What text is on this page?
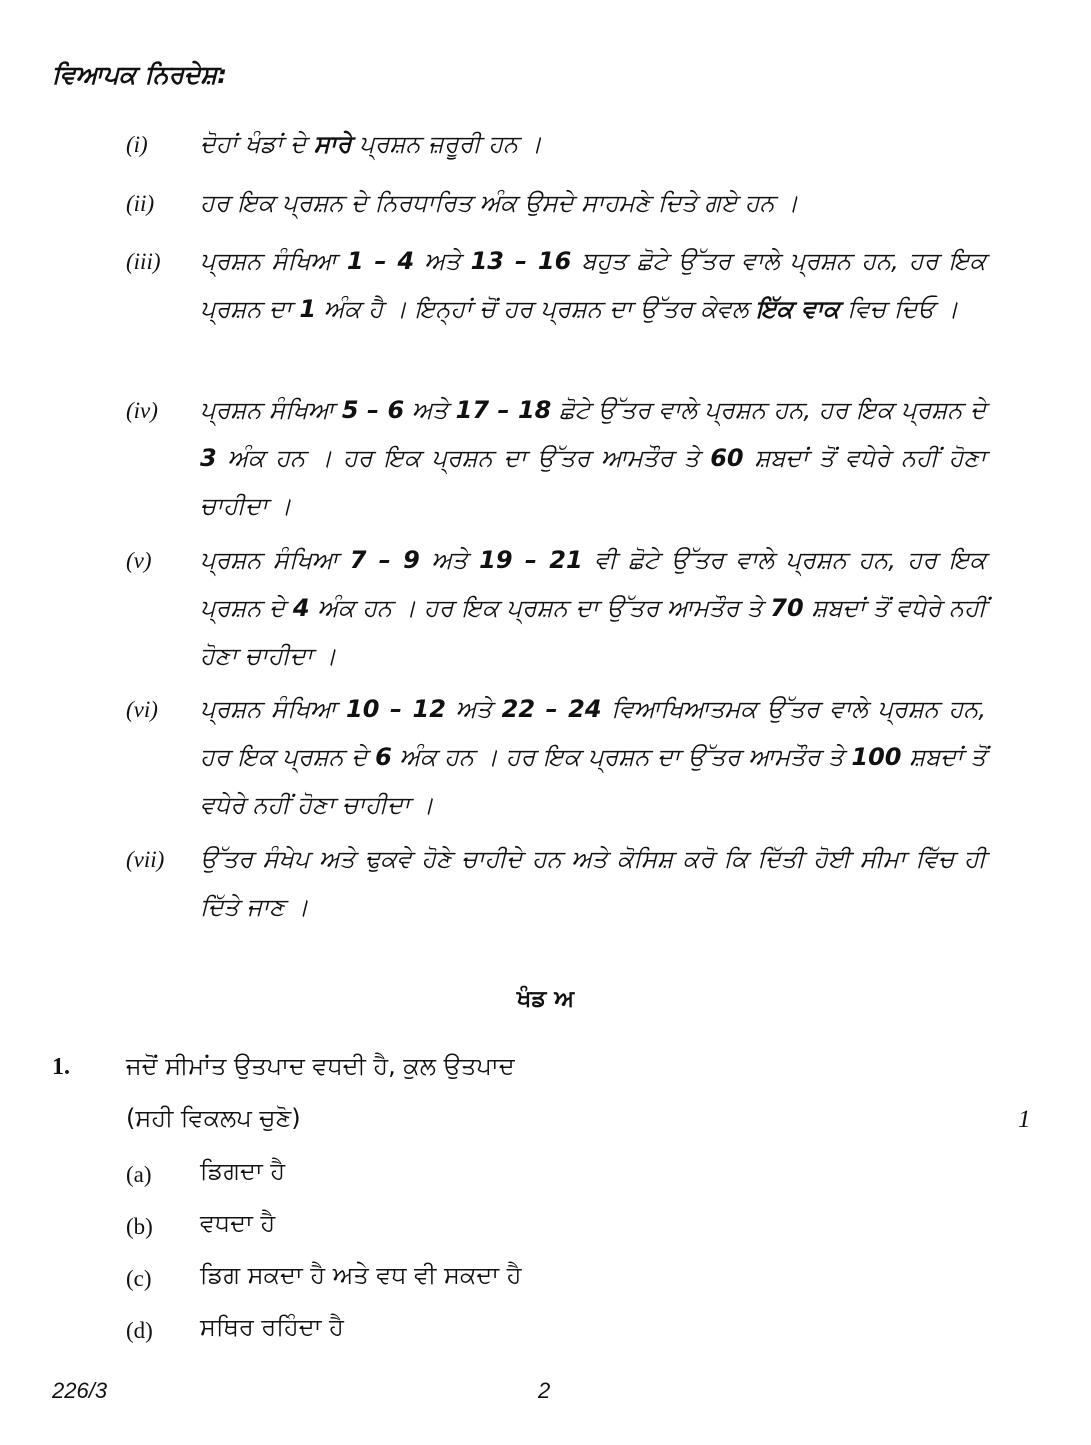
ਵਿਆਪਕ ਨਿਰਦੇਸ਼:
(i) ਦੋਹਾਂ ਖੰਡਾਂ ਦੇ ਸਾਰੇ ਪ੍ਰਸ਼ਨ ਜ਼ਰੂਰੀ ਹਨ ।
(ii) ਹਰ ਇਕ ਪ੍ਰਸ਼ਨ ਦੇ ਨਿਰਧਾਰਿਤ ਅੰਕ ਉਸਦੇ ਸਾਹਮਣੇ ਦਿਤੇ ਗਏ ਹਨ ।
(iii) ਪ੍ਰਸ਼ਨ ਸੰਖਿਆ 1 – 4 ਅਤੇ 13 – 16 ਬਹੁਤ ਛੋਟੇ ਉੱਤਰ ਵਾਲੇ ਪ੍ਰਸ਼ਨ ਹਨ, ਹਰ ਇਕ ਪ੍ਰਸ਼ਨ ਦਾ 1 ਅੰਕ ਹੈ । ਇਨ੍ਹਾਂ ਚੋਂ ਹਰ ਪ੍ਰਸ਼ਨ ਦਾ ਉੱਤਰ ਕੇਵਲ ਇੱਕ ਵਾਕ ਵਿਚ ਦਿਓ ।
(iv) ਪ੍ਰਸ਼ਨ ਸੰਖਿਆ 5 – 6 ਅਤੇ 17 – 18 ਛੋਟੇ ਉੱਤਰ ਵਾਲੇ ਪ੍ਰਸ਼ਨ ਹਨ, ਹਰ ਇਕ ਪ੍ਰਸ਼ਨ ਦੇ 3 ਅੰਕ ਹਨ । ਹਰ ਇਕ ਪ੍ਰਸ਼ਨ ਦਾ ਉੱਤਰ ਆਮਤੌਰ ਤੇ 60 ਸ਼ਬਦਾਂ ਤੋਂ ਵਧੇਰੇ ਨਹੀਂ ਹੋਣਾ ਚਾਹੀਦਾ ।
(v) ਪ੍ਰਸ਼ਨ ਸੰਖਿਆ 7 – 9 ਅਤੇ 19 – 21 ਵੀ ਛੋਟੇ ਉੱਤਰ ਵਾਲੇ ਪ੍ਰਸ਼ਨ ਹਨ, ਹਰ ਇਕ ਪ੍ਰਸ਼ਨ ਦੇ 4 ਅੰਕ ਹਨ । ਹਰ ਇਕ ਪ੍ਰਸ਼ਨ ਦਾ ਉੱਤਰ ਆਮਤੌਰ ਤੇ 70 ਸ਼ਬਦਾਂ ਤੋਂ ਵਧੇਰੇ ਨਹੀਂ ਹੋਣਾ ਚਾਹੀਦਾ ।
(vi) ਪ੍ਰਸ਼ਨ ਸੰਖਿਆ 10 – 12 ਅਤੇ 22 – 24 ਵਿਆਖਿਆਤਮਕ ਉੱਤਰ ਵਾਲੇ ਪ੍ਰਸ਼ਨ ਹਨ, ਹਰ ਇਕ ਪ੍ਰਸ਼ਨ ਦੇ 6 ਅੰਕ ਹਨ । ਹਰ ਇਕ ਪ੍ਰਸ਼ਨ ਦਾ ਉੱਤਰ ਆਮਤੌਰ ਤੇ 100 ਸ਼ਬਦਾਂ ਤੋਂ ਵਧੇਰੇ ਨਹੀਂ ਹੋਣਾ ਚਾਹੀਦਾ ।
(vii) ਉੱਤਰ ਸੰਖੇਪ ਅਤੇ ਢੁਕਵੇ ਹੋਣੇ ਚਾਹੀਦੇ ਹਨ ਅਤੇ ਕੋਸਿਸ਼ ਕਰੋ ਕਿ ਦਿੱਤੀ ਹੋਈ ਸੀਮਾ ਵਿੱਚ ਹੀ ਦਿੱਤੇ ਜਾਣ ।
ਖੰਡ ਅ
1. ਜਦੋਂ ਸੀਮਾਂਤ ਉਤਪਾਦ ਵਧਦੀ ਹੈ, ਕੁਲ ਉਤਪਾਦ
(ਸਹੀ ਵਿਕਲਪ ਚੁਣੋ)	1
(a) ਡਿਗਦਾ ਹੈ
(b) ਵਧਦਾ ਹੈ
(c) ਡਿਗ ਸਕਦਾ ਹੈ ਅਤੇ ਵਧ ਵੀ ਸਕਦਾ ਹੈ
(d) ਸਥਿਰ ਰਹਿੰਦਾ ਹੈ
226/3	2
